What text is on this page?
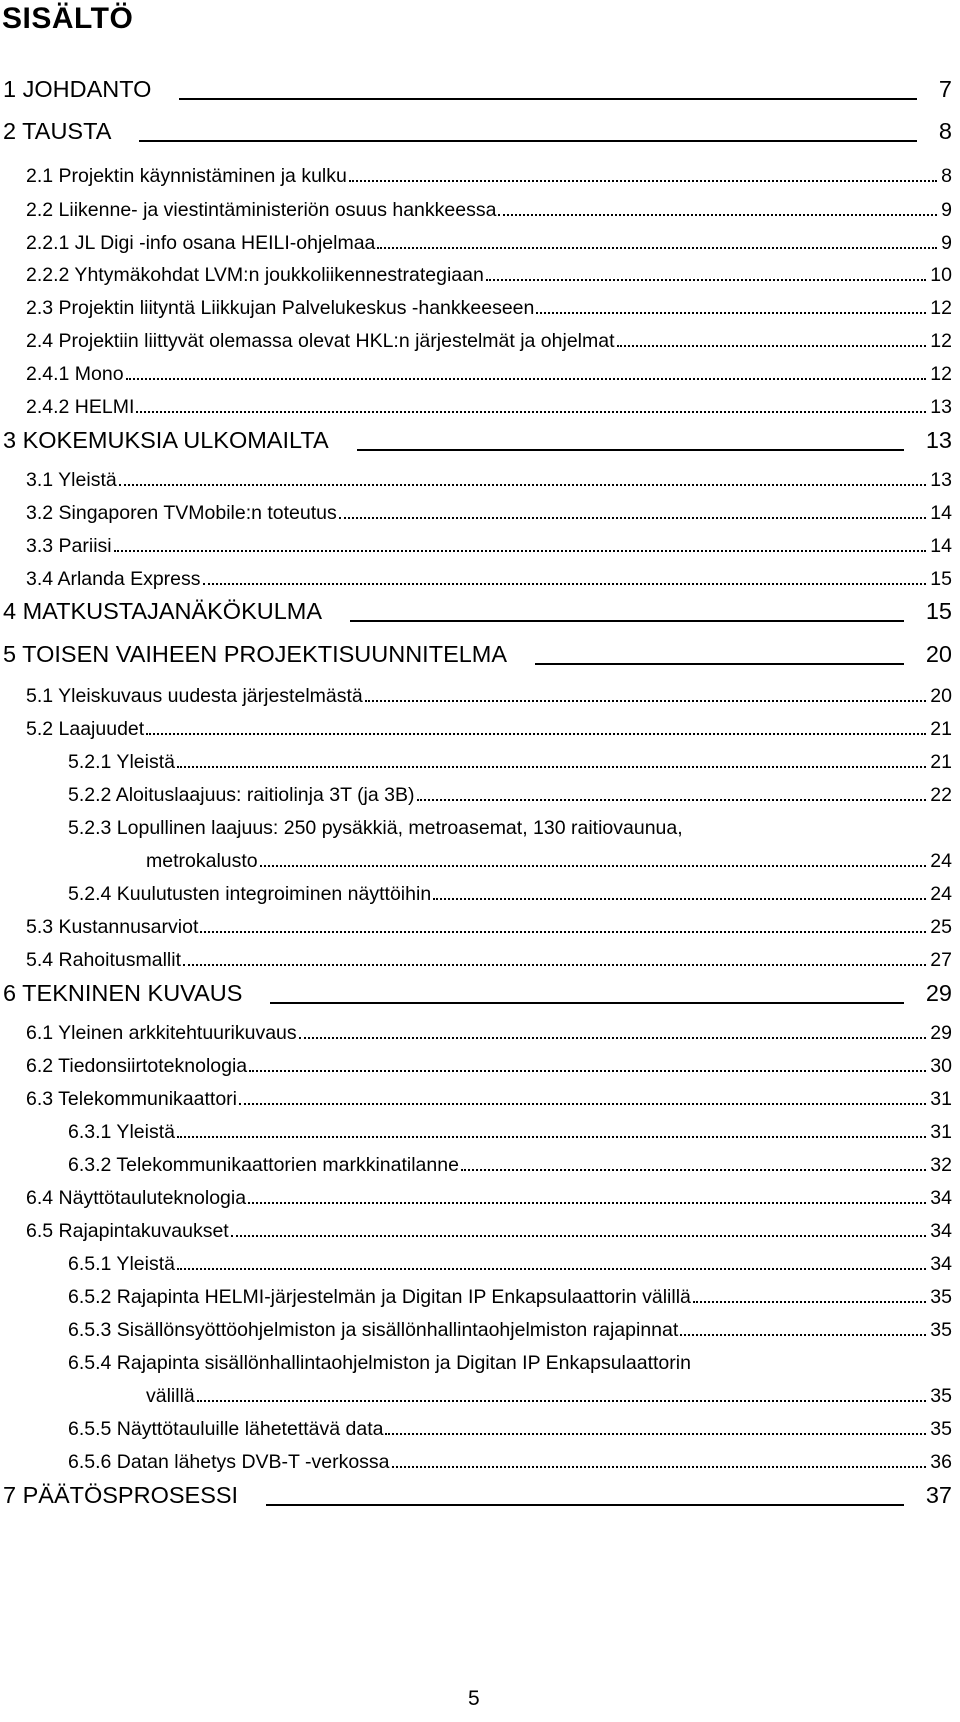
SISÄLTÖ
1 JOHDANTO	7
2 TAUSTA	8
2.1 Projektin käynnistäminen ja kulku	8
2.2 Liikenne- ja viestintäministeriön osuus hankkeessa	9
2.2.1 JL Digi -info osana HEILI-ohjelmaa	9
2.2.2 Yhtymäkohdat LVM:n joukkoliikennestrategiaan	10
2.3 Projektin liityntä Liikkujan Palvelukeskus -hankkeeseen	12
2.4 Projektiin liittyvät olemassa olevat HKL:n järjestelmät ja ohjelmat	12
2.4.1 Mono	12
2.4.2 HELMI	13
3 KOKEMUKSIA ULKOMAILTA	13
3.1 Yleistä	13
3.2 Singaporen TVMobile:n toteutus	14
3.3 Pariisi	14
3.4 Arlanda Express	15
4 MATKUSTAJANÄKÖKULMA	15
5 TOISEN VAIHEEN PROJEKTISUUNNITELMA	20
5.1 Yleiskuvaus uudesta järjestelmästä	20
5.2 Laajuudet	21
5.2.1 Yleistä	21
5.2.2 Aloituslaajuus: raitiolinja 3T (ja 3B)	22
5.2.3 Lopullinen laajuus: 250 pysäkkiä, metroasemat, 130 raitiovaunua,
metrokalusto	24
5.2.4 Kuulutusten integroiminen näyttöihin	24
5.3 Kustannusarviot	25
5.4 Rahoitusmallit	27
6 TEKNINEN KUVAUS	29
6.1 Yleinen arkkitehtuurikuvaus	29
6.2 Tiedonsiirtoteknologia	30
6.3 Telekommunikaattori	31
6.3.1 Yleistä	31
6.3.2 Telekommunikaattorien markkinatilanne	32
6.4 Näyttötauluteknologia	34
6.5 Rajapintakuvaukset	34
6.5.1 Yleistä	34
6.5.2 Rajapinta HELMI-järjestelmän ja Digitan IP Enkapsulaattorin välillä	35
6.5.3 Sisällönsyöttöohjelmiston ja sisällönhallintaohjelmiston rajapinnat	35
6.5.4 Rajapinta sisällönhallintaohjelmiston ja Digitan IP Enkapsulaattorin
välillä	35
6.5.5 Näyttötauluille lähetettävä data	35
6.5.6 Datan lähetys DVB-T -verkossa	36
7 PÄÄTÖSPROSESSI	37
5
